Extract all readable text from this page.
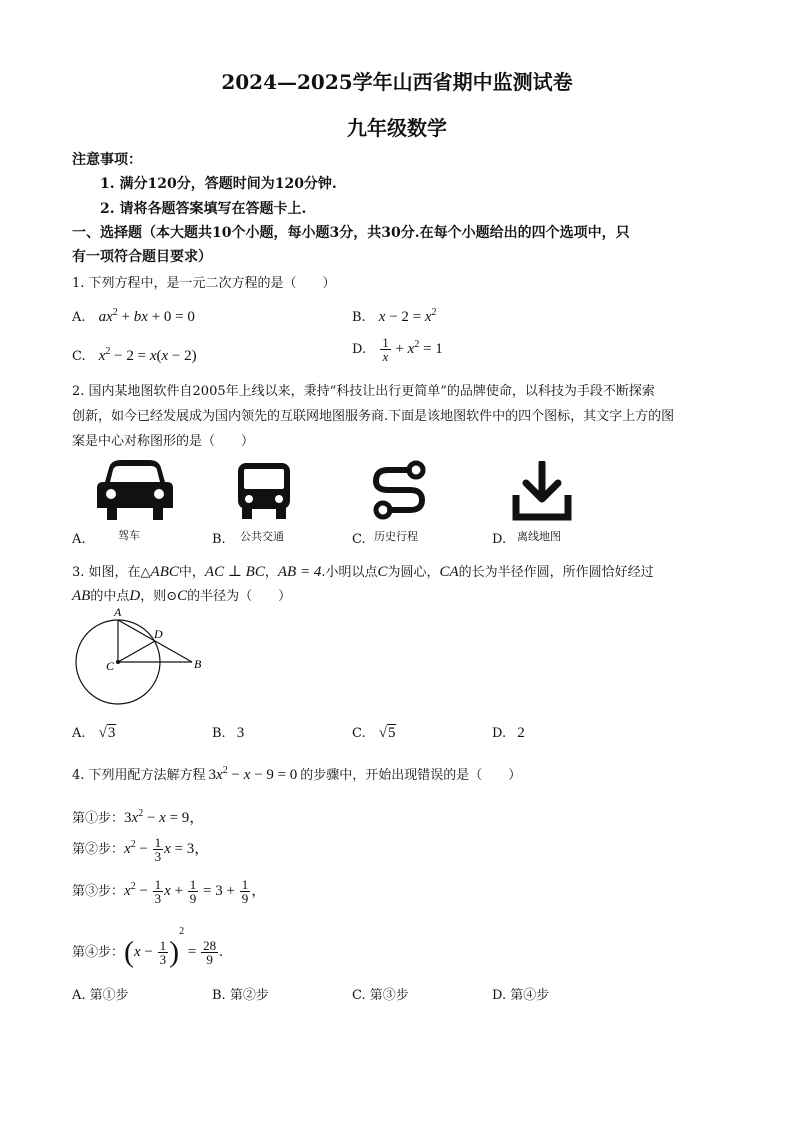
2024—2025学年山西省期中监测试卷
九年级数学
注意事项：
1. 满分120分，答题时间为120分钟.
2. 请将各题答案填写在答题卡上.
一、选择题（本大题共10个小题，每小题3分，共30分.在每个小题给出的四个选项中，只
有一项符合题目要求）
1. 下列方程中，是一元二次方程的是（　　）
A. $ax^2$ + bx + 0 = 0	B. $x - 2 = x^2$
C. $x^2 - 2 = x(x - 2)$	D. $\frac{1}{x} + x^2 = 1$
2. 国内某地图软件自2005年上线以来，秉持“科技让出行更简单”的品牌使命，以科技为手段不断探索
创新，如今已经发展成为国内领先的互联网地图服务商.下面是该地图软件中的四个图标，其文字上方的图
案是中心对称图形的是（　　）
驾车	公共交通	历史行程	离线地图
A.	B.	C.	D.
3. 如图，在△ABC中，AC ⊥ BC，AB = 4.小明以点C为圆心，CA的长为半径作圆，所作圆恰好经过
AB的中点D，则⊙C的半径为（　　）
A
D
C	B
A. √3	B. 3	C. √5	D. 2
4. 下列用配方法解方程 $3x^2 - x - 9 = 0$ 的步骤中，开始出现错误的是（　　）
第①步：$3x^2 - x = 9$，
第②步：$x^2 - \frac{1}{3}$ x = 3，
第③步：$x^2 - \frac{1}{3}$ $x + \frac{1}{9} = 3 + \frac{1}{9}$ ，
第④步：$(x - \frac{1}{3} )^2 = \frac{28}{9}$ .
A. 第①步	B. 第②步	C. 第③步	D. 第④步
